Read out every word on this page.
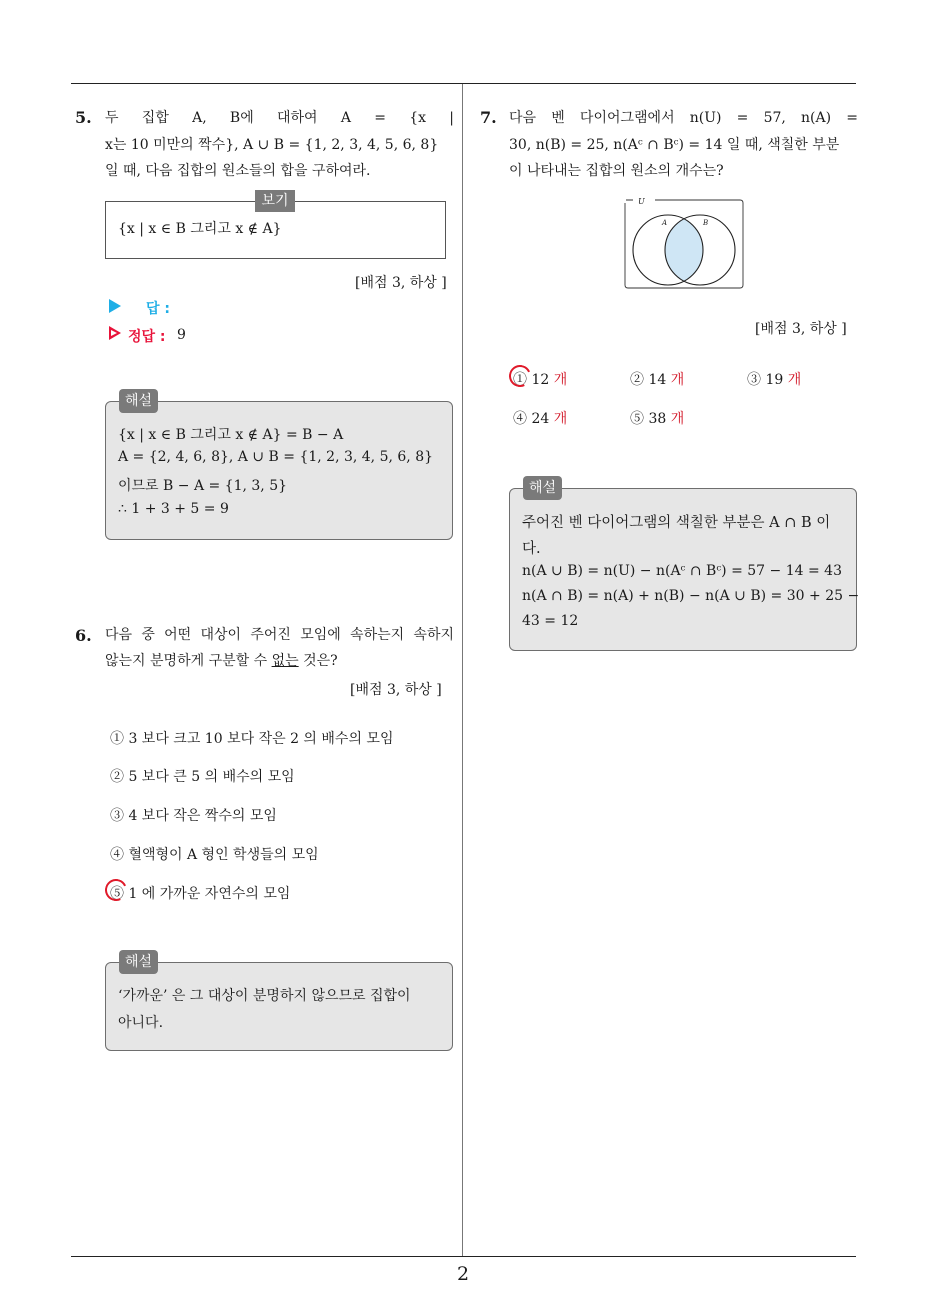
2
5. 두 집합 A, B에 대하여 A = {x |
x는 10 미만의 짝수}, A ∪ B = {1, 2, 3, 4, 5, 6, 8}
일 때, 다음 집합의 원소들의 합을 구하여라.
보기
{x | x ∈ B 그리고 x ∉ A}
[배점 3, 하상 ]
답 :
정답 : 9
해설
{x | x ∈ B 그리고 x ∉ A} = B − A
A = {2, 4, 6, 8}, A ∪ B = {1, 2, 3, 4, 5, 6, 8}
이므로 B − A = {1, 3, 5}
∴ 1 + 3 + 5 = 9
6. 다음 중 어떤 대상이 주어진 모임에 속하는지 속하지
않는지 분명하게 구분할 수 없는 것은?
[배점 3, 하상 ]
① 3 보다 크고 10 보다 작은 2 의 배수의 모임
② 5 보다 큰 5 의 배수의 모임
③ 4 보다 작은 짝수의 모임
④ 혈액형이 A 형인 학생들의 모임
⑤ 1 에 가까운 자연수의 모임
해설
‘가까운’ 은 그 대상이 분명하지 않으므로 집합이
아니다.
7. 다음 벤 다이어그램에서 n(U) = 57, n(A) =
30, n(B) = 25, n(Aᶜ ∩ Bᶜ) = 14 일 때, 색칠한 부분
이 나타내는 집합의 원소의 개수는?
U
A	B
[배점 3, 하상 ]
① 12 개	② 14 개	③ 19 개
④ 24 개	⑤ 38 개
해설
주어진 벤 다이어그램의 색칠한 부분은 A ∩ B 이
다.
n(A ∪ B) = n(U) − n(Aᶜ ∩ Bᶜ) = 57 − 14 = 43
n(A ∩ B) = n(A) + n(B) − n(A ∪ B) = 30 + 25 −
43 = 12
